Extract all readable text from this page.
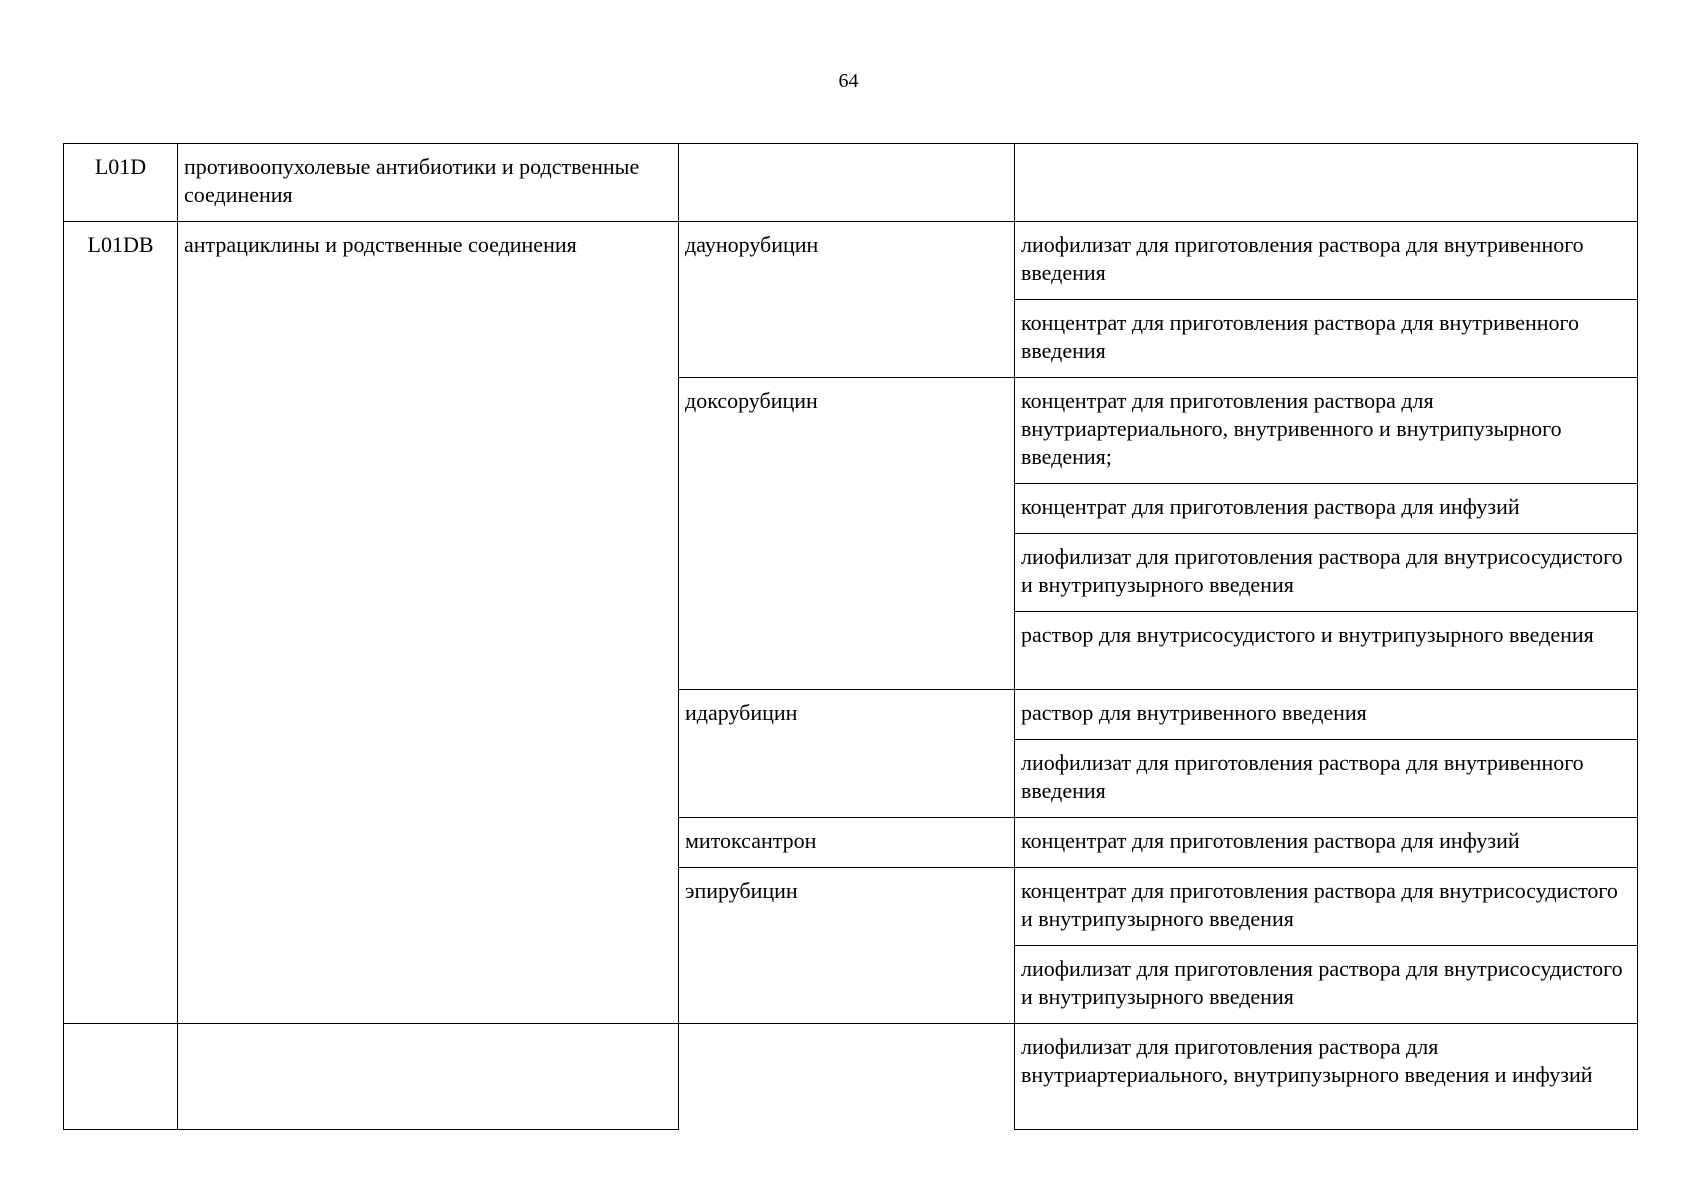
64
L01D	противоопухолевые антибиотики и родственные соединения		
L01DB	антрациклины и родственные соединения	даунорубицин	лиофилизат для приготовления раствора для внутривенного введения
			концентрат для приготовления раствора для внутривенного введения
		доксорубицин	концентрат для приготовления раствора для внутриартериального, внутривенного и внутрипузырного введения;
			концентрат для приготовления раствора для инфузий
			лиофилизат для приготовления раствора для внутрисосудистого и внутрипузырного введения
			раствор для внутрисосудистого и внутрипузырного введения
		идарубицин	раствор для внутривенного введения
			лиофилизат для приготовления раствора для внутривенного введения
		митоксантрон	концентрат для приготовления раствора для инфузий
		эпирубицин	концентрат для приготовления раствора для внутрисосудистого и внутрипузырного введения
			лиофилизат для приготовления раствора для внутрисосудистого и внутрипузырного введения
			лиофилизат для приготовления раствора для внутриартериального, внутрипузырного введения и инфузий
